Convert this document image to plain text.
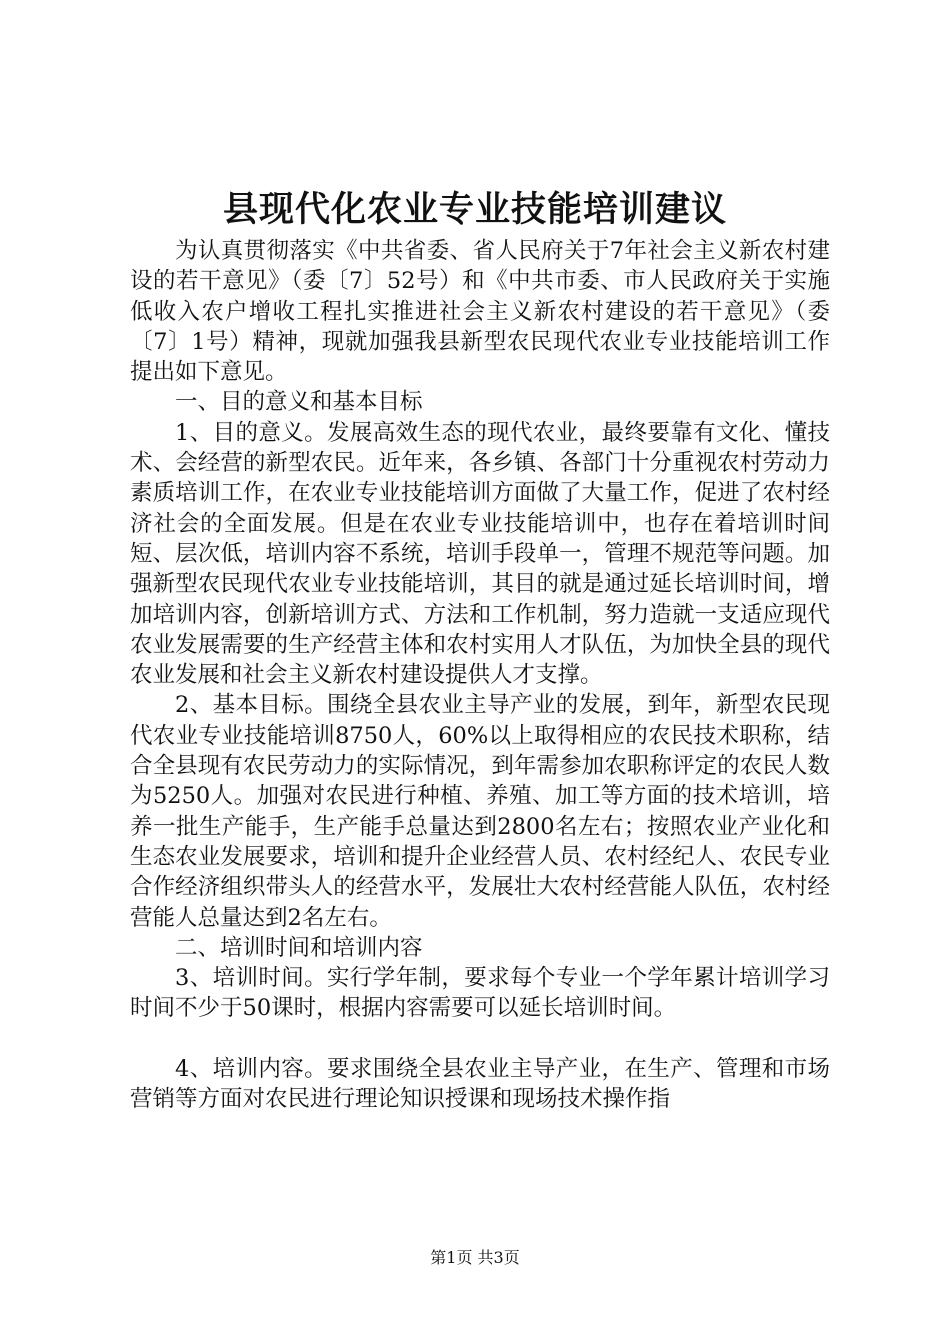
县现代化农业专业技能培训建议

为认真贯彻落实《中共省委、省人民府关于7年社会主义新农村建设的若干意见》（委〔7〕52号）和《中共市委、市人民政府关于实施低收入农户增收工程扎实推进社会主义新农村建设的若干意见》（委〔7〕1号）精神，现就加强我县新型农民现代农业专业技能培训工作提出如下意见。

一、目的意义和基本目标

1、目的意义。发展高效生态的现代农业，最终要靠有文化、懂技术、会经营的新型农民。近年来，各乡镇、各部门十分重视农村劳动力素质培训工作，在农业专业技能培训方面做了大量工作，促进了农村经济社会的全面发展。但是在农业专业技能培训中，也存在着培训时间短、层次低，培训内容不系统，培训手段单一，管理不规范等问题。加强新型农民现代农业专业技能培训，其目的就是通过延长培训时间，增加培训内容，创新培训方式、方法和工作机制，努力造就一支适应现代农业发展需要的生产经营主体和农村实用人才队伍，为加快全县的现代农业发展和社会主义新农村建设提供人才支撑。

2、基本目标。围绕全县农业主导产业的发展，到年，新型农民现代农业专业技能培训8750人，60%以上取得相应的农民技术职称，结合全县现有农民劳动力的实际情况，到年需参加农职称评定的农民人数为5250人。加强对农民进行种植、养殖、加工等方面的技术培训，培养一批生产能手，生产能手总量达到2800名左右；按照农业产业化和生态农业发展要求，培训和提升企业经营人员、农村经纪人、农民专业合作经济组织带头人的经营水平，发展壮大农村经营能人队伍，农村经营能人总量达到2名左右。

二、培训时间和培训内容

3、培训时间。实行学年制，要求每个专业一个学年累计培训学习时间不少于50课时，根据内容需要可以延长培训时间。

4、培训内容。要求围绕全县农业主导产业，在生产、管理和市场营销等方面对农民进行理论知识授课和现场技术操作指

第1页 共3页
